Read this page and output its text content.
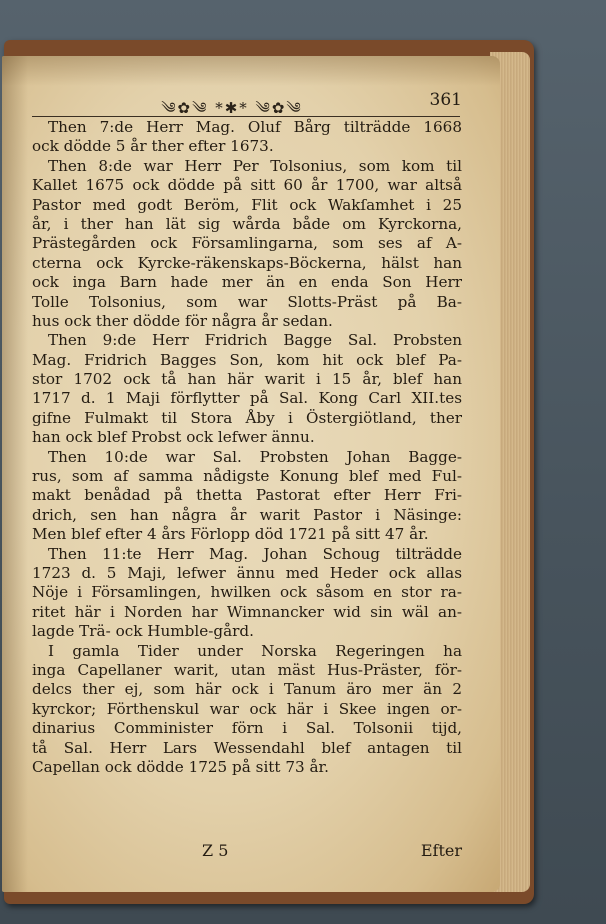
༄✿༄ *✱* ༄✿༄	361
Then 7:de Herr Mag. Oluf Bårg tilträdde 1668
ock dödde 5 år ther efter 1673.
Then 8:de war Herr Per Tolsonius, som kom til
Kallet 1675 ock dödde på sitt 60 år 1700, war altså
Pastor med godt Beröm, Flit ock Wakſamhet i 25
år, i ther han lät sig wårda både om Kyrckorna,
Prästegården ock Församlingarna, som ses af A-
cterna ock Kyrcke-räkenskaps-Böckerna, hälst han
ock inga Barn hade mer än en enda Son Herr
Tolle Tolsonius, som war Slotts-Präst på Ba-
hus ock ther dödde för några år sedan.
Then 9:de Herr Fridrich Bagge Sal. Probsten
Mag. Fridrich Bagges Son, kom hit ock blef Pa-
stor 1702 ock tå han här warit i 15 år, blef han
1717 d. 1 Maji förflytter på Sal. Kong Carl XII.tes
gifne Fulmakt til Stora Åby i Östergiötland, ther
han ock blef Probst ock lefwer ännu.
Then 10:de war Sal. Probsten Johan Bagge-
rus, som af samma nådigste Konung blef med Ful-
makt benådad på thetta Pastorat efter Herr Fri-
drich, sen han några år warit Pastor i Näsinge:
Men blef efter 4 års Förlopp död 1721 på sitt 47 år.
Then 11:te Herr Mag. Johan Schoug tilträdde
1723 d. 5 Maji, lefwer ännu med Heder ock allas
Nöje i Församlingen, hwilken ock såsom en stor ra-
ritet här i Norden har Wimnancker wid sin wäl an-
lagde Trä- ock Humble-gård.
I gamla Tider under Norska Regeringen ha
inga Capellaner warit, utan mäst Hus-Präster, för-
delcs ther ej, som här ock i Tanum äro mer än 2
kyrckor; Förthenskul war ock här i Skee ingen or-
dinarius Comminister förn i Sal. Tolsonii tijd,
tå Sal. Herr Lars Wessendahl blef antagen til
Capellan ock dödde 1725 på sitt 73 år.
Z 5	Efter
